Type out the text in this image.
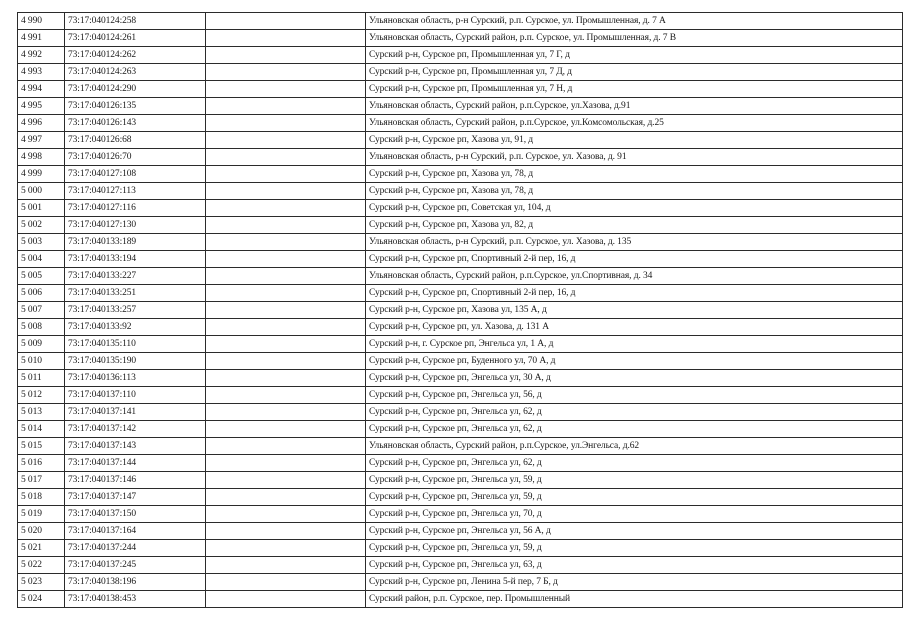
4 990	73:17:040124:258		Ульяновская область, р-н Сурский, р.п. Сурское, ул. Промышленная, д. 7 А
4 991	73:17:040124:261		Ульяновская область, Сурский район, р.п. Сурское, ул. Промышленная, д. 7 В
4 992	73:17:040124:262		Сурский р-н, Сурское рп, Промышленная ул, 7 Г, д
4 993	73:17:040124:263		Сурский р-н, Сурское рп, Промышленная ул, 7 Д, д
4 994	73:17:040124:290		Сурский р-н, Сурское рп, Промышленная ул, 7 Н, д
4 995	73:17:040126:135		Ульяновская область, Сурский район, р.п.Сурское, ул.Хазова, д.91
4 996	73:17:040126:143		Ульяновская область, Сурский район, р.п.Сурское, ул.Комсомольская, д.25
4 997	73:17:040126:68		Сурский р-н, Сурское рп, Хазова ул, 91, д
4 998	73:17:040126:70		Ульяновская область, р-н Сурский, р.п. Сурское, ул. Хазова, д. 91
4 999	73:17:040127:108		Сурский р-н, Сурское рп, Хазова ул, 78, д
5 000	73:17:040127:113		Сурский р-н, Сурское рп, Хазова ул, 78, д
5 001	73:17:040127:116		Сурский р-н, Сурское рп, Советская ул, 104, д
5 002	73:17:040127:130		Сурский р-н, Сурское рп, Хазова ул, 82, д
5 003	73:17:040133:189		Ульяновская область, р-н Сурский, р.п. Сурское, ул. Хазова, д. 135
5 004	73:17:040133:194		Сурский р-н, Сурское рп, Спортивный 2-й пер, 16, д
5 005	73:17:040133:227		Ульяновская область, Сурский район, р.п.Сурское, ул.Спортивная, д. 34
5 006	73:17:040133:251		Сурский р-н, Сурское рп, Спортивный 2-й пер, 16, д
5 007	73:17:040133:257		Сурский р-н, Сурское рп, Хазова ул, 135 А, д
5 008	73:17:040133:92		Сурский р-н, Сурское рп, ул. Хазова, д. 131 А
5 009	73:17:040135:110		Сурский р-н, г. Сурское рп, Энгельса ул, 1 А, д
5 010	73:17:040135:190		Сурский р-н, Сурское рп, Буденного ул, 70 А, д
5 011	73:17:040136:113		Сурский р-н, Сурское рп, Энгельса ул, 30 А, д
5 012	73:17:040137:110		Сурский р-н, Сурское рп, Энгельса ул, 56, д
5 013	73:17:040137:141		Сурский р-н, Сурское рп, Энгельса ул, 62, д
5 014	73:17:040137:142		Сурский р-н, Сурское рп, Энгельса ул, 62, д
5 015	73:17:040137:143		Ульяновская область, Сурский район, р.п.Сурское, ул.Энгельса, д.62
5 016	73:17:040137:144		Сурский р-н, Сурское рп, Энгельса ул, 62, д
5 017	73:17:040137:146		Сурский р-н, Сурское рп, Энгельса ул, 59, д
5 018	73:17:040137:147		Сурский р-н, Сурское рп, Энгельса ул, 59, д
5 019	73:17:040137:150		Сурский р-н, Сурское рп, Энгельса ул, 70, д
5 020	73:17:040137:164		Сурский р-н, Сурское рп, Энгельса ул, 56 А, д
5 021	73:17:040137:244		Сурский р-н, Сурское рп, Энгельса ул, 59, д
5 022	73:17:040137:245		Сурский р-н, Сурское рп, Энгельса ул, 63, д
5 023	73:17:040138:196		Сурский р-н, Сурское рп, Ленина 5-й пер, 7 Б, д
5 024	73:17:040138:453		Сурский район, р.п. Сурское, пер. Промышленный
